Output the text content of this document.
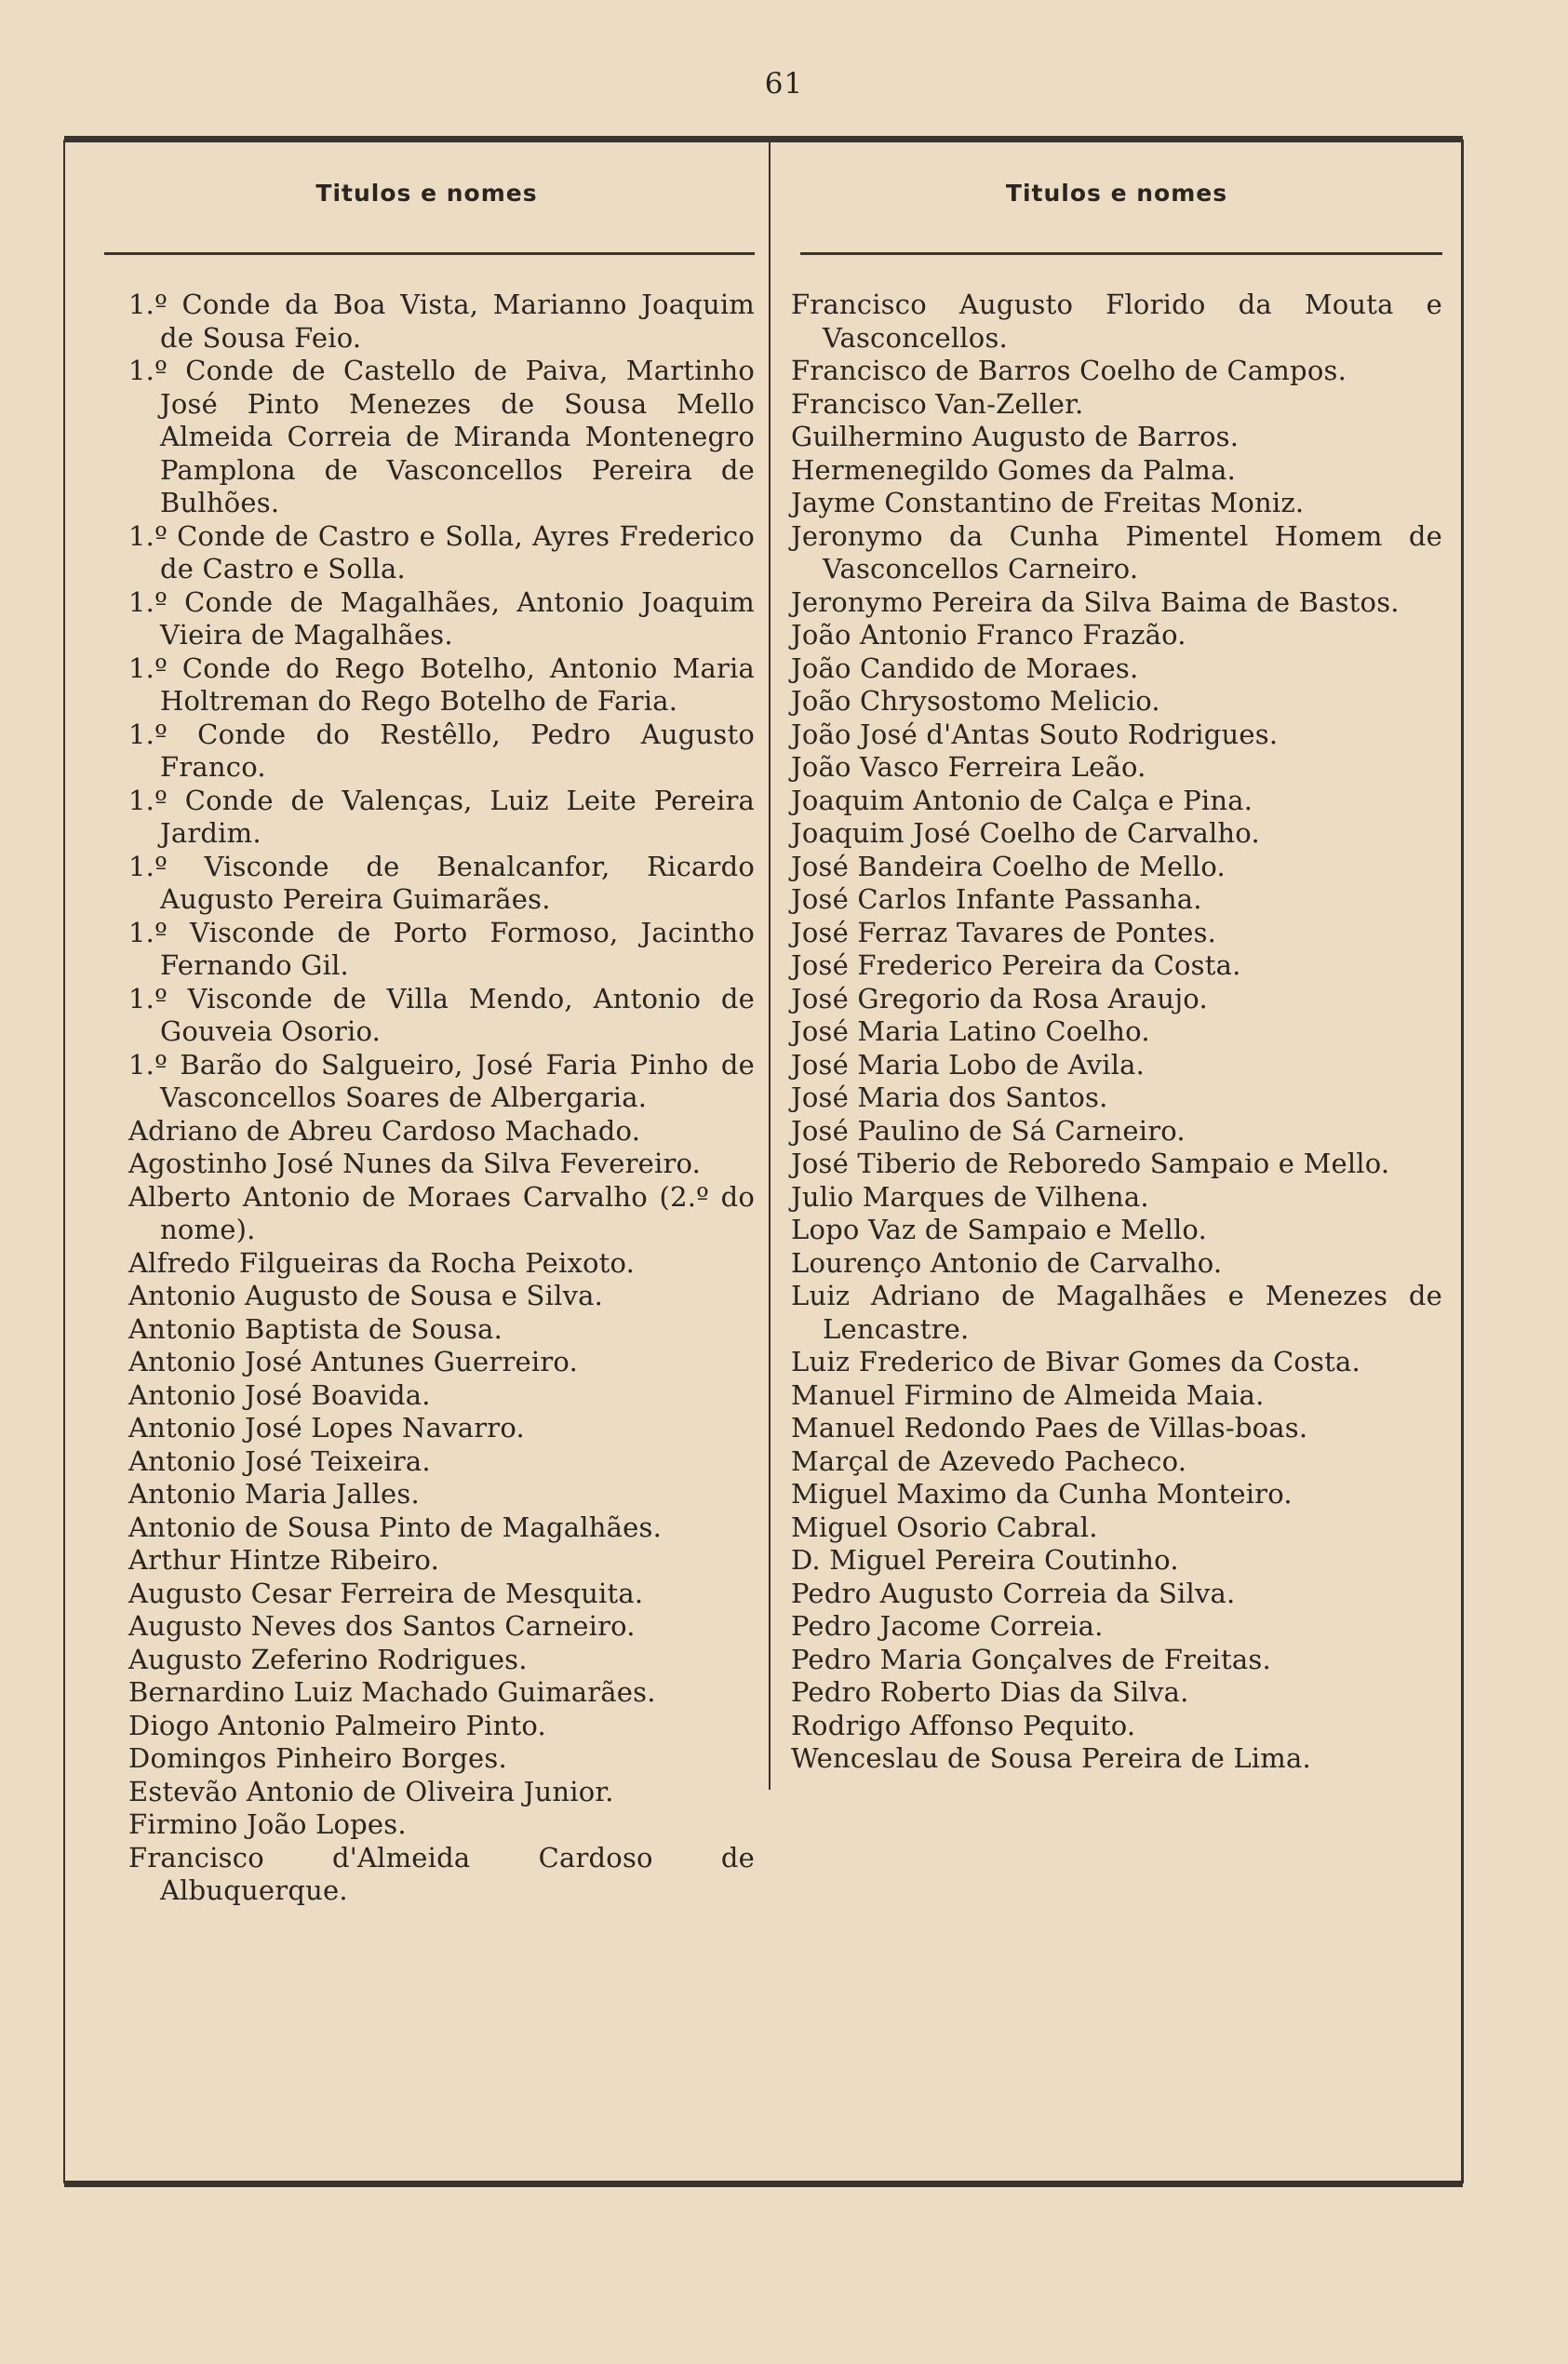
61
Titulos e nomes

1.º Conde da Boa Vista, Marianno Joaquim de Sousa Feio.

1.º Conde de Castello de Paiva, Martinho José Pinto Menezes de Sousa Mello Almeida Correia de Miranda Montenegro Pamplona de Vasconcellos Pereira de Bulhões.

1.º Conde de Castro e Solla, Ayres Frederico de Castro e Solla.

1.º Conde de Magalhães, Antonio Joaquim Vieira de Magalhães.

1.º Conde do Rego Botelho, Antonio Maria Holtreman do Rego Botelho de Faria.

1.º Conde do Restêllo, Pedro Augusto Franco.

1.º Conde de Valenças, Luiz Leite Pereira Jardim.

1.º Visconde de Benalcanfor, Ricardo Augusto Pereira Guimarães.

1.º Visconde de Porto Formoso, Jacintho Fernando Gil.

1.º Visconde de Villa Mendo, Antonio de Gouveia Osorio.

1.º Barão do Salgueiro, José Faria Pinho de Vasconcellos Soares de Albergaria.

Adriano de Abreu Cardoso Machado.

Agostinho José Nunes da Silva Fevereiro.

Alberto Antonio de Moraes Carvalho (2.º do nome).

Alfredo Filgueiras da Rocha Peixoto.

Antonio Augusto de Sousa e Silva.

Antonio Baptista de Sousa.

Antonio José Antunes Guerreiro.

Antonio José Boavida.

Antonio José Lopes Navarro.

Antonio José Teixeira.

Antonio Maria Jalles.

Antonio de Sousa Pinto de Magalhães.

Arthur Hintze Ribeiro.

Augusto Cesar Ferreira de Mesquita.

Augusto Neves dos Santos Carneiro.

Augusto Zeferino Rodrigues.

Bernardino Luiz Machado Guimarães.

Diogo Antonio Palmeiro Pinto.

Domingos Pinheiro Borges.

Estevão Antonio de Oliveira Junior.

Firmino João Lopes.

Francisco d'Almeida Cardoso de Albuquerque.

Titulos e nomes

Francisco Augusto Florido da Mouta e Vasconcellos.

Francisco de Barros Coelho de Campos.

Francisco Van-Zeller.

Guilhermino Augusto de Barros.

Hermenegildo Gomes da Palma.

Jayme Constantino de Freitas Moniz.

Jeronymo da Cunha Pimentel Homem de Vasconcellos Carneiro.

Jeronymo Pereira da Silva Baima de Bastos.

João Antonio Franco Frazão.

João Candido de Moraes.

João Chrysostomo Melicio.

João José d'Antas Souto Rodrigues.

João Vasco Ferreira Leão.

Joaquim Antonio de Calça e Pina.

Joaquim José Coelho de Carvalho.

José Bandeira Coelho de Mello.

José Carlos Infante Passanha.

José Ferraz Tavares de Pontes.

José Frederico Pereira da Costa.

José Gregorio da Rosa Araujo.

José Maria Latino Coelho.

José Maria Lobo de Avila.

José Maria dos Santos.

José Paulino de Sá Carneiro.

José Tiberio de Reboredo Sampaio e Mello.

Julio Marques de Vilhena.

Lopo Vaz de Sampaio e Mello.

Lourenço Antonio de Carvalho.

Luiz Adriano de Magalhães e Menezes de Lencastre.

Luiz Frederico de Bivar Gomes da Costa.

Manuel Firmino de Almeida Maia.

Manuel Redondo Paes de Villas-boas.

Marçal de Azevedo Pacheco.

Miguel Maximo da Cunha Monteiro.

Miguel Osorio Cabral.

D. Miguel Pereira Coutinho.

Pedro Augusto Correia da Silva.

Pedro Jacome Correia.

Pedro Maria Gonçalves de Freitas.

Pedro Roberto Dias da Silva.

Rodrigo Affonso Pequito.

Wenceslau de Sousa Pereira de Lima.
